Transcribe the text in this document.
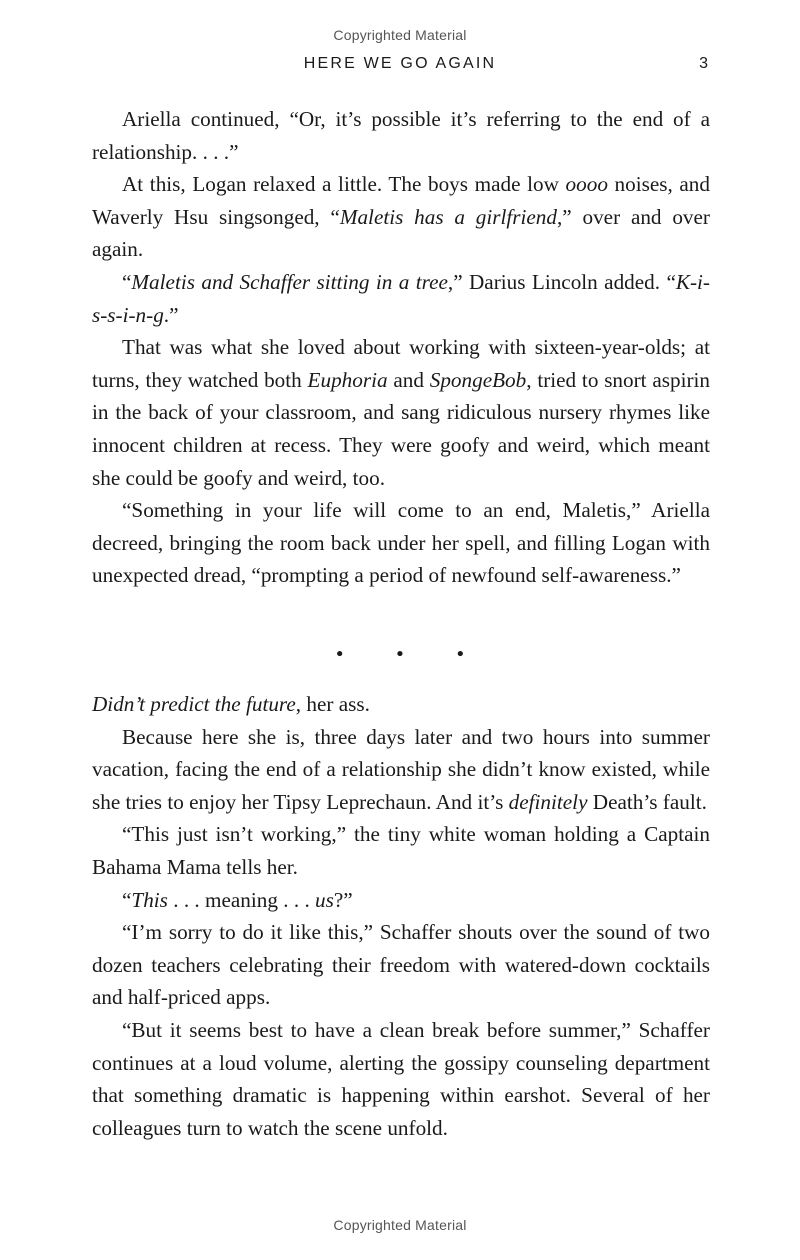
Copyrighted Material
HERE WE GO AGAIN	3

Ariella continued, “Or, it’s possible it’s referring to the end of a relationship. . . .”

At this, Logan relaxed a little. The boys made low oooo noises, and Waverly Hsu singsonged, “Maletis has a girlfriend,” over and over again.

“Maletis and Schaffer sitting in a tree,” Darius Lincoln added. “K-i-s-s-i-n-g.”

That was what she loved about working with sixteen-year-olds; at turns, they watched both Euphoria and SpongeBob, tried to snort aspirin in the back of your classroom, and sang ridiculous nursery rhymes like innocent children at recess. They were goofy and weird, which meant she could be goofy and weird, too.

“Something in your life will come to an end, Maletis,” Ariella decreed, bringing the room back under her spell, and filling Logan with unexpected dread, “prompting a period of newfound self-awareness.”

• • •

Didn’t predict the future, her ass.

Because here she is, three days later and two hours into summer vacation, facing the end of a relationship she didn’t know existed, while she tries to enjoy her Tipsy Leprechaun. And it’s definitely Death’s fault.

“This just isn’t working,” the tiny white woman holding a Captain Bahama Mama tells her.

“This . . . meaning . . . us?”

“I’m sorry to do it like this,” Schaffer shouts over the sound of two dozen teachers celebrating their freedom with watered-down cocktails and half-priced apps.

“But it seems best to have a clean break before summer,” Schaffer continues at a loud volume, alerting the gossipy counseling department that something dramatic is happening within earshot. Several of her colleagues turn to watch the scene unfold.

Copyrighted Material
